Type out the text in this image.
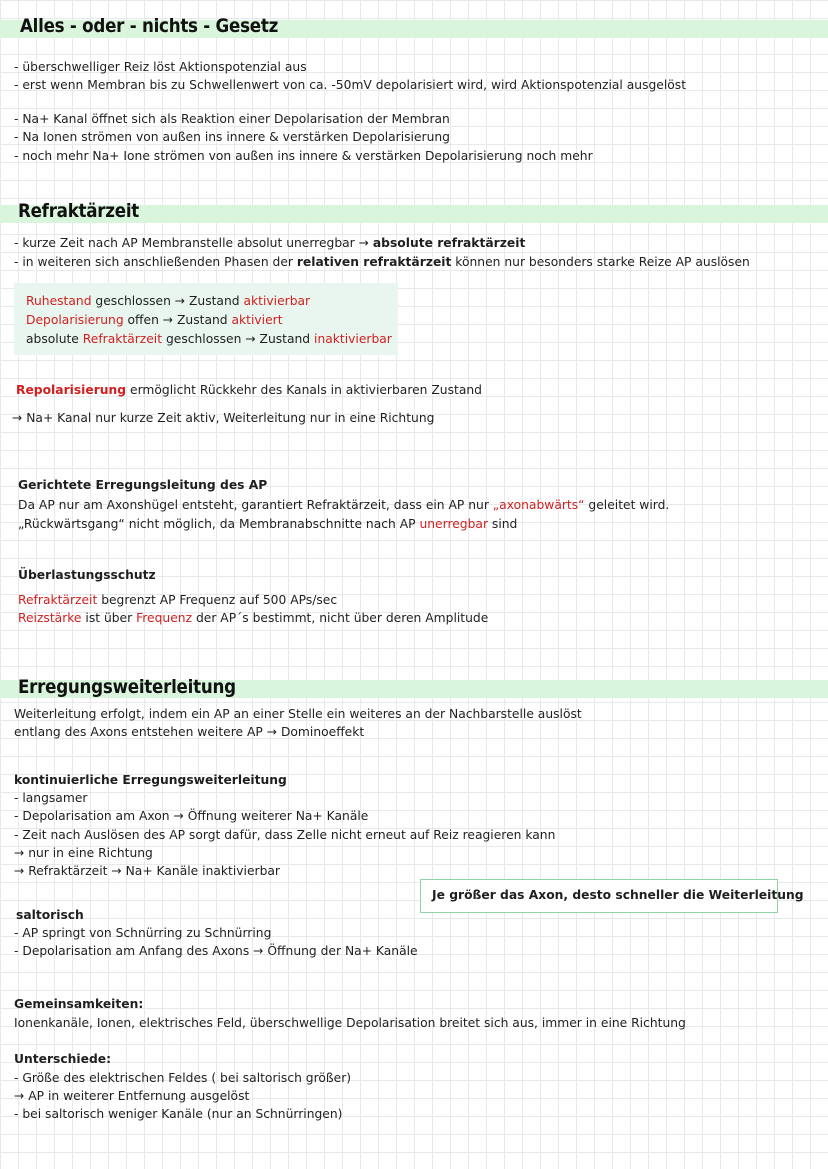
Alles - oder - nichts - Gesetz
- überschwelliger Reiz löst Aktionspotenzial aus
- erst wenn Membran bis zu Schwellenwert von ca. -50mV depolarisiert wird, wird Aktionspotenzial ausgelöst
- Na+ Kanal öffnet sich als Reaktion einer Depolarisation der Membran
- Na Ionen strömen von außen ins innere & verstärken Depolarisierung
- noch mehr Na+ Ione strömen von außen ins innere & verstärken Depolarisierung noch mehr
Refraktärzeit
- kurze Zeit nach AP Membranstelle absolut unerregbar → absolute refraktärzeit
- in weiteren sich anschließenden Phasen der relativen refraktärzeit können nur besonders starke Reize AP auslösen
Ruhestand geschlossen → Zustand aktivierbar
Depolarisierung offen → Zustand aktiviert
absolute Refraktärzeit geschlossen → Zustand inaktivierbar
Repolarisierung ermöglicht Rückkehr des Kanals in aktivierbaren Zustand
→ Na+ Kanal nur kurze Zeit aktiv, Weiterleitung nur in eine Richtung
Gerichtete Erregungsleitung des AP
Da AP nur am Axonshügel entsteht, garantiert Refraktärzeit, dass ein AP nur „axonabwärts“ geleitet wird.
„Rückwärtsgang“ nicht möglich, da Membranabschnitte nach AP unerregbar sind
Überlastungsschutz
Refraktärzeit begrenzt AP Frequenz auf 500 APs/sec
Reizstärke ist über Frequenz der AP´s bestimmt, nicht über deren Amplitude
Erregungsweiterleitung
Weiterleitung erfolgt, indem ein AP an einer Stelle ein weiteres an der Nachbarstelle auslöst
entlang des Axons entstehen weitere AP → Dominoeffekt
kontinuierliche Erregungsweiterleitung
- langsamer
- Depolarisation am Axon → Öffnung weiterer Na+ Kanäle
- Zeit nach Auslösen des AP sorgt dafür, dass Zelle nicht erneut auf Reiz reagieren kann
→ nur in eine Richtung
→ Refraktärzeit → Na+ Kanäle inaktivierbar
Je größer das Axon, desto schneller die Weiterleitung
saltorisch
- AP springt von Schnürring zu Schnürring
- Depolarisation am Anfang des Axons → Öffnung der Na+ Kanäle
Gemeinsamkeiten:
Ionenkanäle, Ionen, elektrisches Feld, überschwellige Depolarisation breitet sich aus, immer in eine Richtung
Unterschiede:
- Größe des elektrischen Feldes ( bei saltorisch größer)
→ AP in weiterer Entfernung ausgelöst
- bei saltorisch weniger Kanäle (nur an Schnürringen)
